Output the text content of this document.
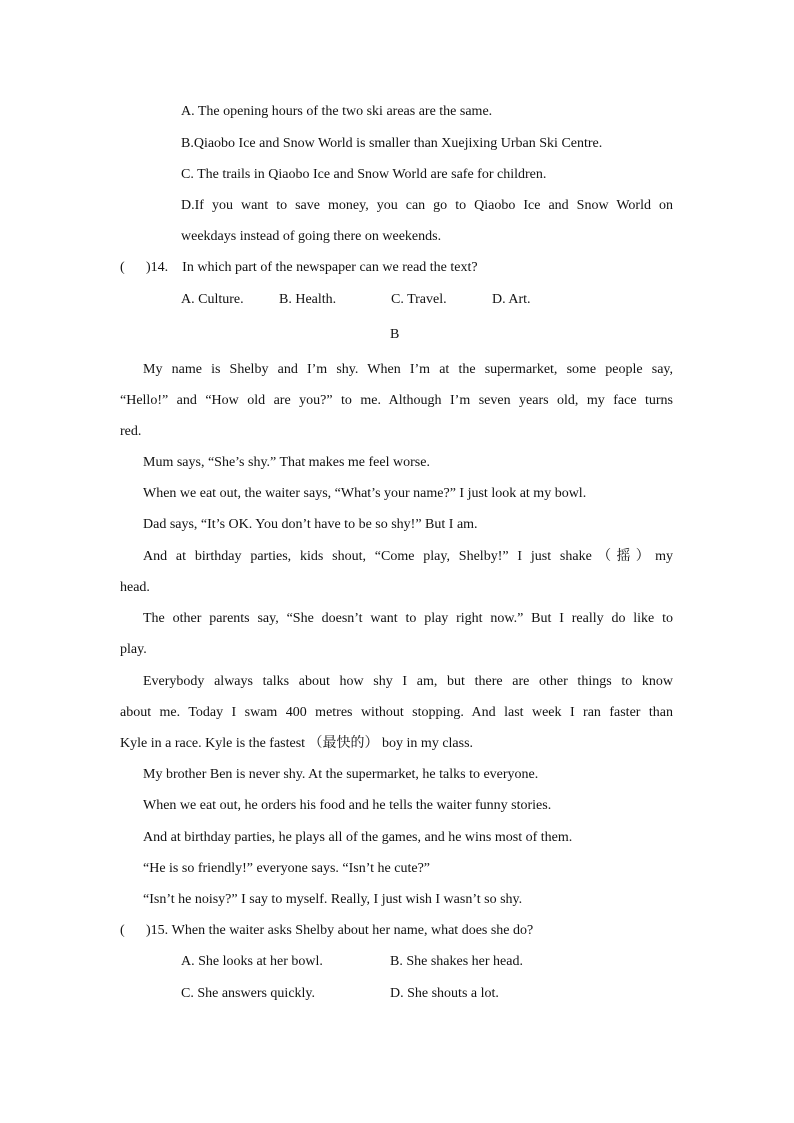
A. The opening hours of the two ski areas are the same.
B.Qiaobo Ice and Snow World is smaller than Xuejixing Urban Ski Centre.
C. The trails in Qiaobo Ice and Snow World are safe for children.
D.If you want to save money, you can go to Qiaobo Ice and Snow World on
weekdays instead of going there on weekends.
( )14. In which part of the newspaper can we read the text?
A. Culture.	B. Health.	C. Travel.	D. Art.
B
My name is Shelby and I’m shy. When I’m at the supermarket, some people say,
“Hello!” and “How old are you?” to me. Although I’m seven years old, my face turns
red.
Mum says, “She’s shy.” That makes me feel worse.
When we eat out, the waiter says, “What’s your name?” I just look at my bowl.
Dad says, “It’s OK. You don’t have to be so shy!” But I am.
And at birthday parties, kids shout, “Come play, Shelby!” I just shake（摇）my
head.
The other parents say, “She doesn’t want to play right now.” But I really do like to
play.
Everybody always talks about how shy I am, but there are other things to know
about me. Today I swam 400 metres without stopping. And last week I ran faster than
Kyle in a race. Kyle is the fastest （最快的） boy in my class.
My brother Ben is never shy. At the supermarket, he talks to everyone.
When we eat out, he orders his food and he tells the waiter funny stories.
And at birthday parties, he plays all of the games, and he wins most of them.
“He is so friendly!” everyone says. “Isn’t he cute?”
“Isn’t he noisy?” I say to myself. Really, I just wish I wasn’t so shy.
( )15. When the waiter asks Shelby about her name, what does she do?
A. She looks at her bowl.	B. She shakes her head.
C. She answers quickly.	D. She shouts a lot.
